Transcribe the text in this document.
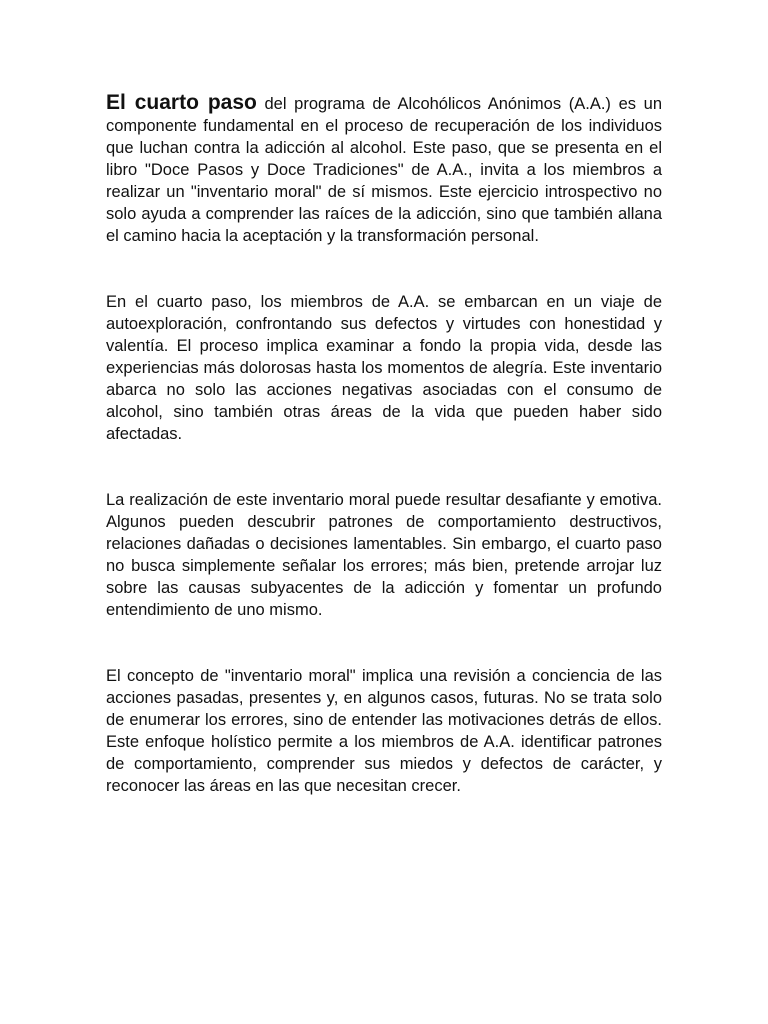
El cuarto paso del programa de Alcohólicos Anónimos (A.A.) es un componente fundamental en el proceso de recuperación de los individuos que luchan contra la adicción al alcohol. Este paso, que se presenta en el libro "Doce Pasos y Doce Tradiciones" de A.A., invita a los miembros a realizar un "inventario moral" de sí mismos. Este ejercicio introspectivo no solo ayuda a comprender las raíces de la adicción, sino que también allana el camino hacia la aceptación y la transformación personal.

En el cuarto paso, los miembros de A.A. se embarcan en un viaje de autoexploración, confrontando sus defectos y virtudes con honestidad y valentía. El proceso implica examinar a fondo la propia vida, desde las experiencias más dolorosas hasta los momentos de alegría. Este inventario abarca no solo las acciones negativas asociadas con el consumo de alcohol, sino también otras áreas de la vida que pueden haber sido afectadas.

La realización de este inventario moral puede resultar desafiante y emotiva. Algunos pueden descubrir patrones de comportamiento destructivos, relaciones dañadas o decisiones lamentables. Sin embargo, el cuarto paso no busca simplemente señalar los errores; más bien, pretende arrojar luz sobre las causas subyacentes de la adicción y fomentar un profundo entendimiento de uno mismo.

El concepto de "inventario moral" implica una revisión a conciencia de las acciones pasadas, presentes y, en algunos casos, futuras. No se trata solo de enumerar los errores, sino de entender las motivaciones detrás de ellos. Este enfoque holístico permite a los miembros de A.A. identificar patrones de comportamiento, comprender sus miedos y defectos de carácter, y reconocer las áreas en las que necesitan crecer.
